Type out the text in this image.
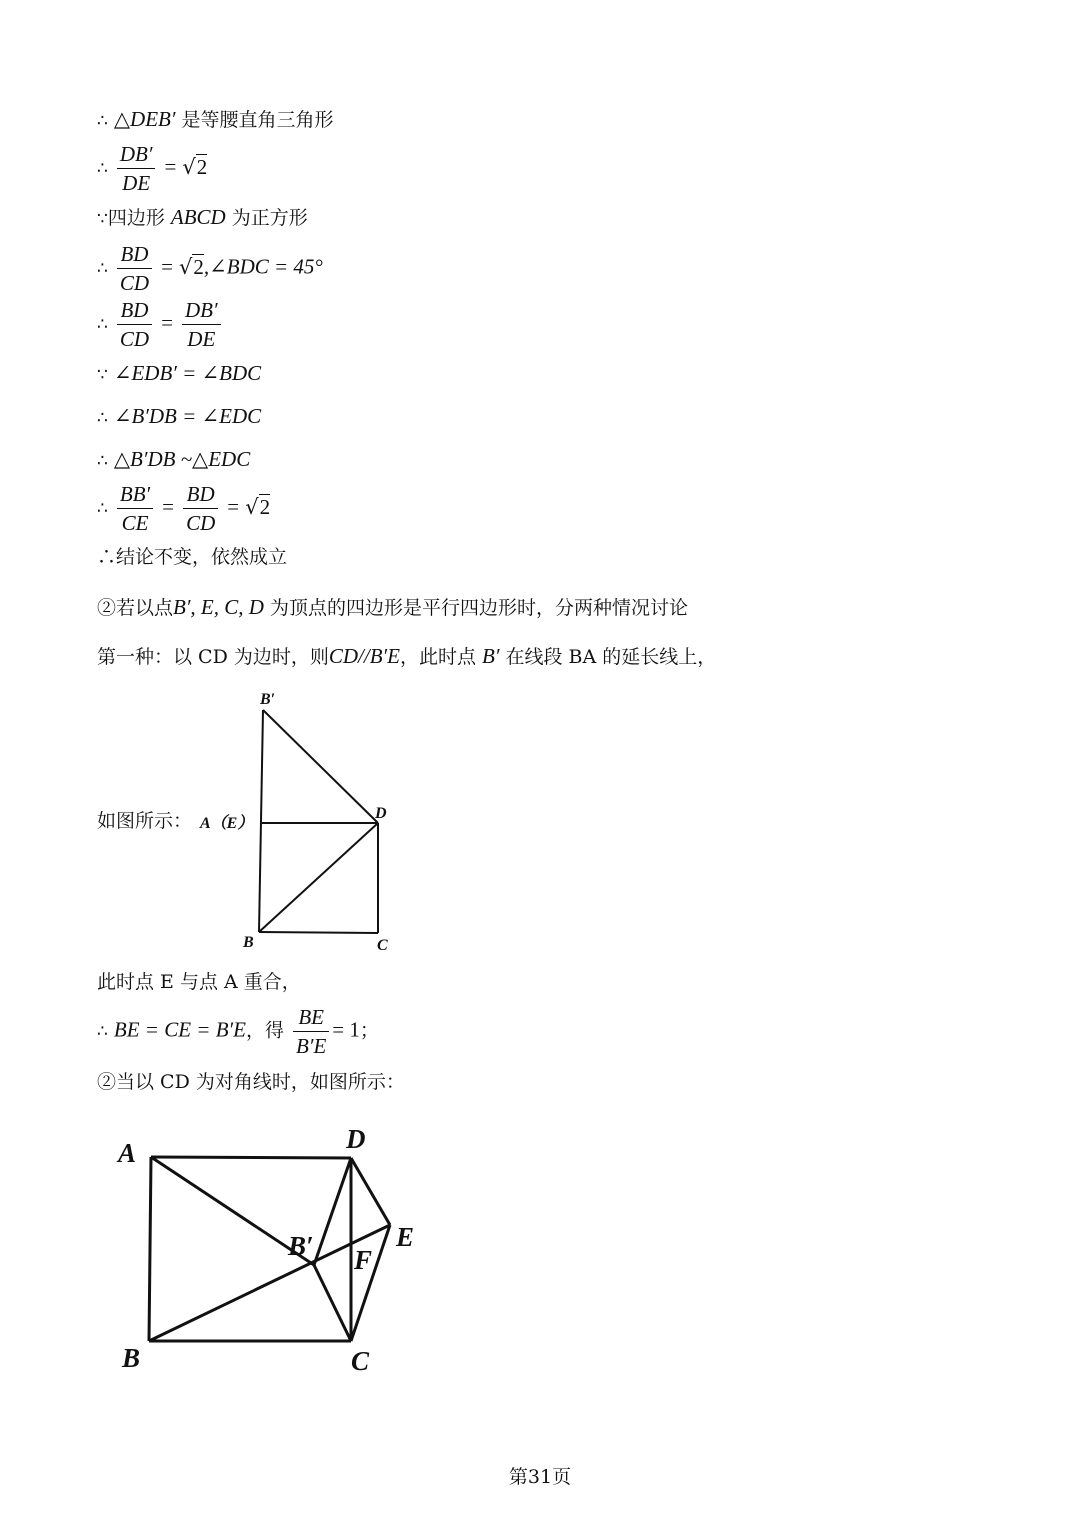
∴ △DEB′ 是等腰直角三角形
∴ $\frac{DB'}{DE} = √2$
∵四边形 ABCD 为正方形
∴ $\frac{BD}{CD}$ = √2,∠BDC = 45°
∴ $\frac{BD}{CD} = \frac{DB'}{DE}$
∵ ∠EDB′ = ∠BDC
∴ ∠B′DB = ∠EDC
∴ △B′DB ~△EDC
∴ $\frac{BB'}{CE} = \frac{BD}{CD} = √2$
∴结论不变，依然成立
②若以点B′, E, C, D 为顶点的四边形是平行四边形时，分两种情况讨论
第一种：以 CD 为边时，则CD//B′E，此时点 B′ 在线段 BA 的延长线上，
如图所示：
B′
A（E）
D
B	C
此时点 E 与点 A 重合，
∴ BE = CE = B′E，得 $\frac{BE}{B'E} = 1$；
②当以 CD 为对角线时，如图所示：
A	D
B′	E
F
B	C
第31页
